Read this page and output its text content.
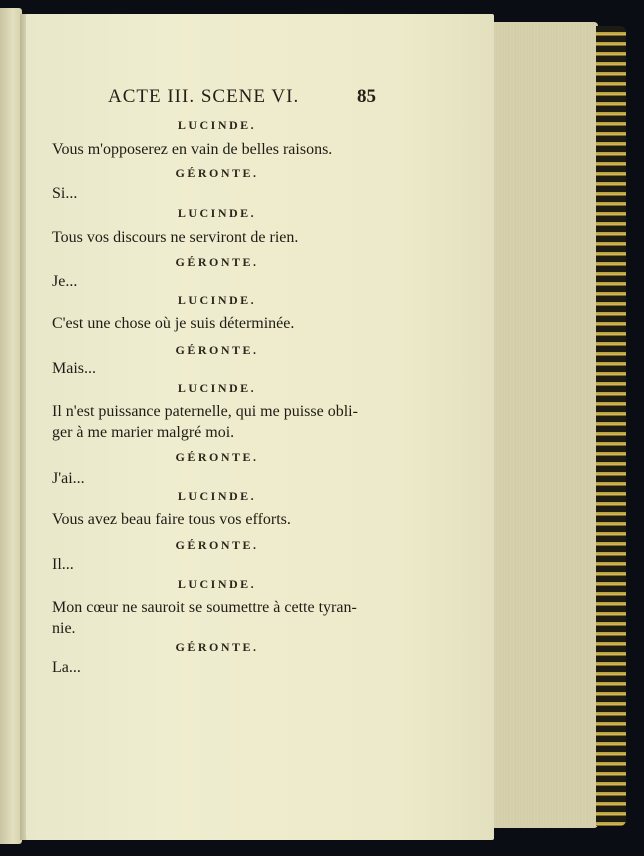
ACTE III. SCENE VI.	85
LUCINDE.
Vous m'opposerez en vain de belles raisons.
GÉRONTE.
Si...
LUCINDE.
Tous vos discours ne serviront de rien.
GÉRONTE.
Je...
LUCINDE.
C'est une chose où je suis déterminée.
GÉRONTE.
Mais...
LUCINDE.
Il n'est puissance paternelle, qui me puisse obli-
ger à me marier malgré moi.
GÉRONTE.
J'ai...
LUCINDE.
Vous avez beau faire tous vos efforts.
GÉRONTE.
Il...
LUCINDE.
Mon cœur ne sauroit se soumettre à cette tyran-
nie.
GÉRONTE.
La...
